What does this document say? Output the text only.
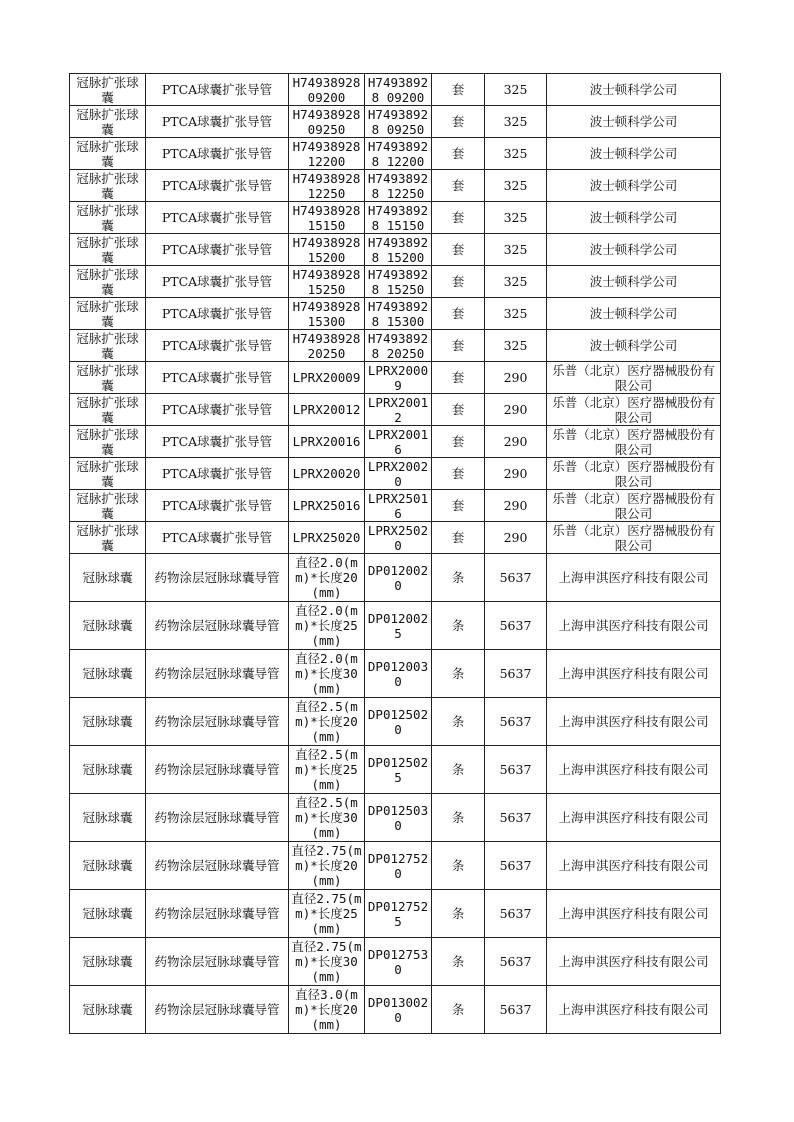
冠脉扩张球囊	PTCA球囊扩张导管	H7493892809200	H74938928 09200	套	325	波士顿科学公司
冠脉扩张球囊	PTCA球囊扩张导管	H7493892809250	H74938928 09250	套	325	波士顿科学公司
冠脉扩张球囊	PTCA球囊扩张导管	H7493892812200	H74938928 12200	套	325	波士顿科学公司
冠脉扩张球囊	PTCA球囊扩张导管	H7493892812250	H74938928 12250	套	325	波士顿科学公司
冠脉扩张球囊	PTCA球囊扩张导管	H7493892815150	H74938928 15150	套	325	波士顿科学公司
冠脉扩张球囊	PTCA球囊扩张导管	H7493892815200	H74938928 15200	套	325	波士顿科学公司
冠脉扩张球囊	PTCA球囊扩张导管	H7493892815250	H74938928 15250	套	325	波士顿科学公司
冠脉扩张球囊	PTCA球囊扩张导管	H7493892815300	H74938928 15300	套	325	波士顿科学公司
冠脉扩张球囊	PTCA球囊扩张导管	H7493892820250	H74938928 20250	套	325	波士顿科学公司
冠脉扩张球囊	PTCA球囊扩张导管	LPRX20009	LPRX20009	套	290	乐普（北京）医疗器械股份有限公司
冠脉扩张球囊	PTCA球囊扩张导管	LPRX20012	LPRX20012	套	290	乐普（北京）医疗器械股份有限公司
冠脉扩张球囊	PTCA球囊扩张导管	LPRX20016	LPRX20016	套	290	乐普（北京）医疗器械股份有限公司
冠脉扩张球囊	PTCA球囊扩张导管	LPRX20020	LPRX20020	套	290	乐普（北京）医疗器械股份有限公司
冠脉扩张球囊	PTCA球囊扩张导管	LPRX25016	LPRX25016	套	290	乐普（北京）医疗器械股份有限公司
冠脉扩张球囊	PTCA球囊扩张导管	LPRX25020	LPRX25020	套	290	乐普（北京）医疗器械股份有限公司
冠脉球囊	药物涂层冠脉球囊导管	直径2.0(mm)*长度20(mm)	DP0120020	条	5637	上海申淇医疗科技有限公司
冠脉球囊	药物涂层冠脉球囊导管	直径2.0(mm)*长度25(mm)	DP0120025	条	5637	上海申淇医疗科技有限公司
冠脉球囊	药物涂层冠脉球囊导管	直径2.0(mm)*长度30(mm)	DP0120030	条	5637	上海申淇医疗科技有限公司
冠脉球囊	药物涂层冠脉球囊导管	直径2.5(mm)*长度20(mm)	DP0125020	条	5637	上海申淇医疗科技有限公司
冠脉球囊	药物涂层冠脉球囊导管	直径2.5(mm)*长度25(mm)	DP0125025	条	5637	上海申淇医疗科技有限公司
冠脉球囊	药物涂层冠脉球囊导管	直径2.5(mm)*长度30(mm)	DP0125030	条	5637	上海申淇医疗科技有限公司
冠脉球囊	药物涂层冠脉球囊导管	直径2.75(mm)*长度20(mm)	DP0127520	条	5637	上海申淇医疗科技有限公司
冠脉球囊	药物涂层冠脉球囊导管	直径2.75(mm)*长度25(mm)	DP0127525	条	5637	上海申淇医疗科技有限公司
冠脉球囊	药物涂层冠脉球囊导管	直径2.75(mm)*长度30(mm)	DP0127530	条	5637	上海申淇医疗科技有限公司
冠脉球囊	药物涂层冠脉球囊导管	直径3.0(mm)*长度20(mm)	DP0130020	条	5637	上海申淇医疗科技有限公司
